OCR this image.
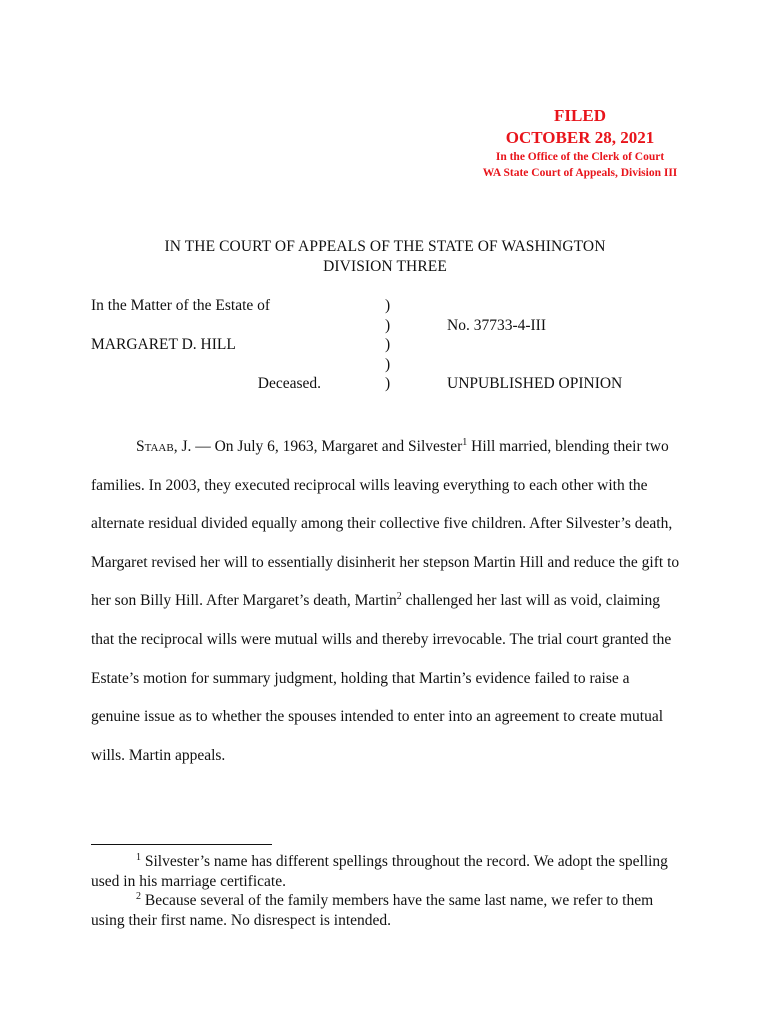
FILED
OCTOBER 28, 2021
In the Office of the Clerk of Court
WA State Court of Appeals, Division III
IN THE COURT OF APPEALS OF THE STATE OF WASHINGTON
DIVISION THREE
In the Matter of the Estate of
MARGARET D. HILL
Deceased.
)
)
)
)
)
No. 37733-4-III
UNPUBLISHED OPINION

Staab, J. — On July 6, 1963, Margaret and Silvester$^1$ Hill married, blending their two families. In 2003, they executed reciprocal wills leaving everything to each other with the alternate residual divided equally among their collective five children. After Silvester’s death, Margaret revised her will to essentially disinherit her stepson Martin Hill and reduce the gift to her son Billy Hill. After Margaret’s death, Martin$^2$ challenged her last will as void, claiming that the reciprocal wills were mutual wills and thereby irrevocable. The trial court granted the Estate’s motion for summary judgment, holding that Martin’s evidence failed to raise a genuine issue as to whether the spouses intended to enter into an agreement to create mutual wills. Martin appeals.

$^1$ Silvester’s name has different spellings throughout the record. We adopt the spelling used in his marriage certificate.

$^2$ Because several of the family members have the same last name, we refer to them using their first name. No disrespect is intended.
